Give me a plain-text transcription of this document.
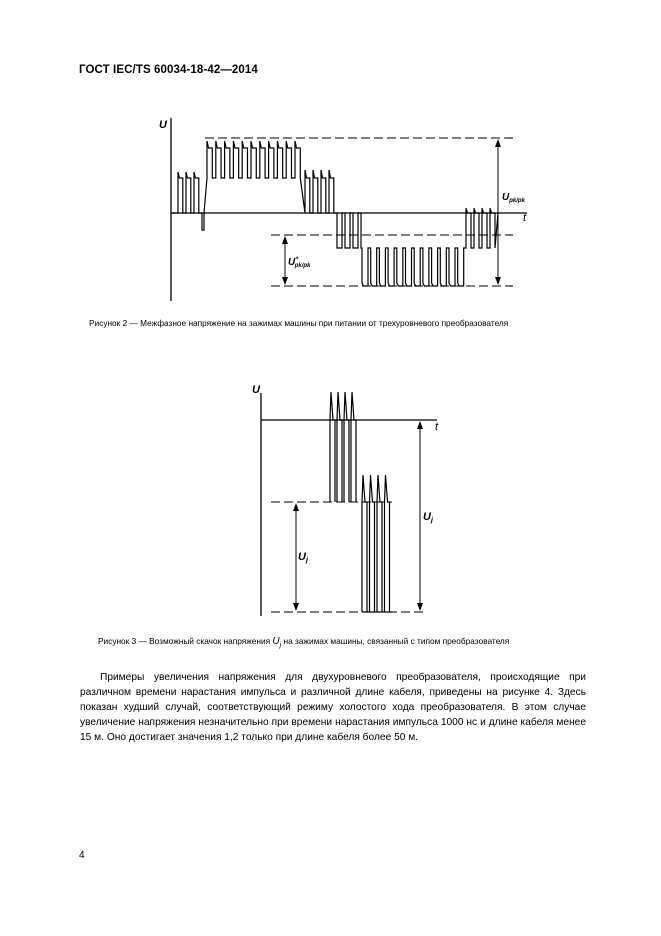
ГОСТ IEC/TS 60034-18-42—2014
U
t
$U_{pk/pk}$
U+ pk/pk
Рисунок 2 — Межфазное напряжение на зажимах машины при питании от трехуровневого преобразователя
U
t
Uj
Uj
Рисунок 3 — Возможный скачок напряжения $U_j$ на зажимах машины, связанный с типом преобразователя
Примеры увеличения напряжения для двухуровневого преобразователя, происходящие при различном времени нарастания импульса и различной длине кабеля, приведены на рисунке 4. Здесь показан худший случай, соответствующий режиму холостого хода преобразователя. В этом случае увеличение напряжения незначительно при времени нарастания импульса 1000 нс и длине кабеля менее 15 м. Оно достигает значения 1,2 только при длине кабеля более 50 м.
4
